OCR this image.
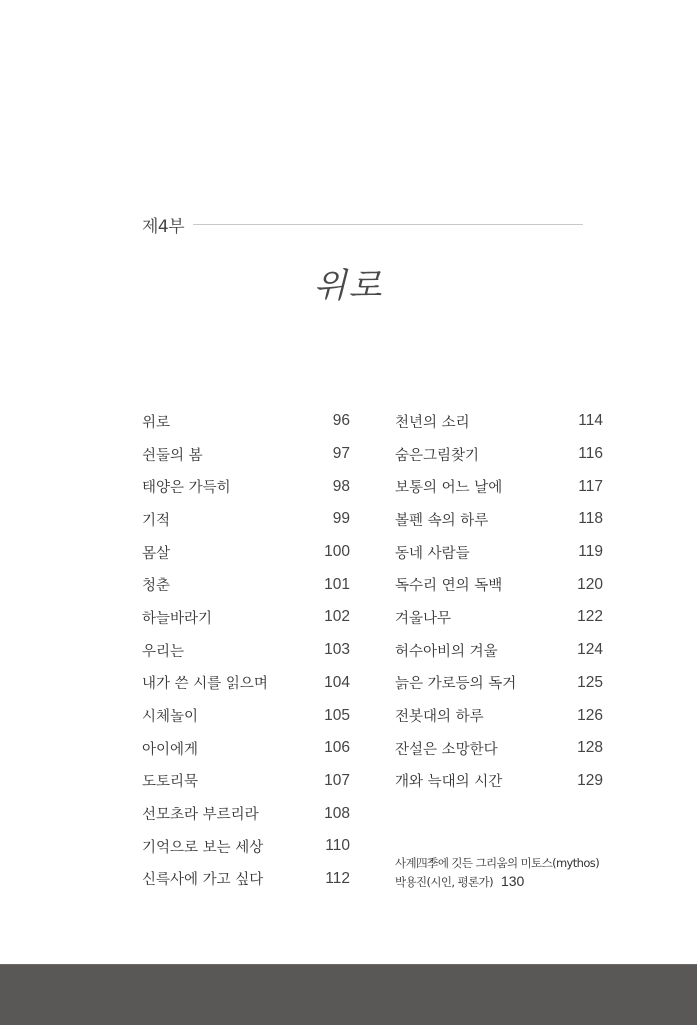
제4부
위로
위로	96
쉰둘의 봄	97
태양은 가득히	98
기적	99
몸살	100
청춘	101
하늘바라기	102
우리는	103
내가 쓴 시를 읽으며	104
시체놀이	105
아이에게	106
도토리묵	107
선모초라 부르리라	108
기억으로 보는 세상	110
신륵사에 가고 싶다	112
천년의 소리	114
숨은그림찾기	116
보통의 어느 날에	117
볼펜 속의 하루	118
동네 사람들	119
독수리 연의 독백	120
겨울나무	122
허수아비의 겨울	124
늙은 가로등의 독거	125
전봇대의 하루	126
잔설은 소망한다	128
개와 늑대의 시간	129
사계四季에 깃든 그리움의 미토스(mythos)
박용진(시인, 평론가) 130
